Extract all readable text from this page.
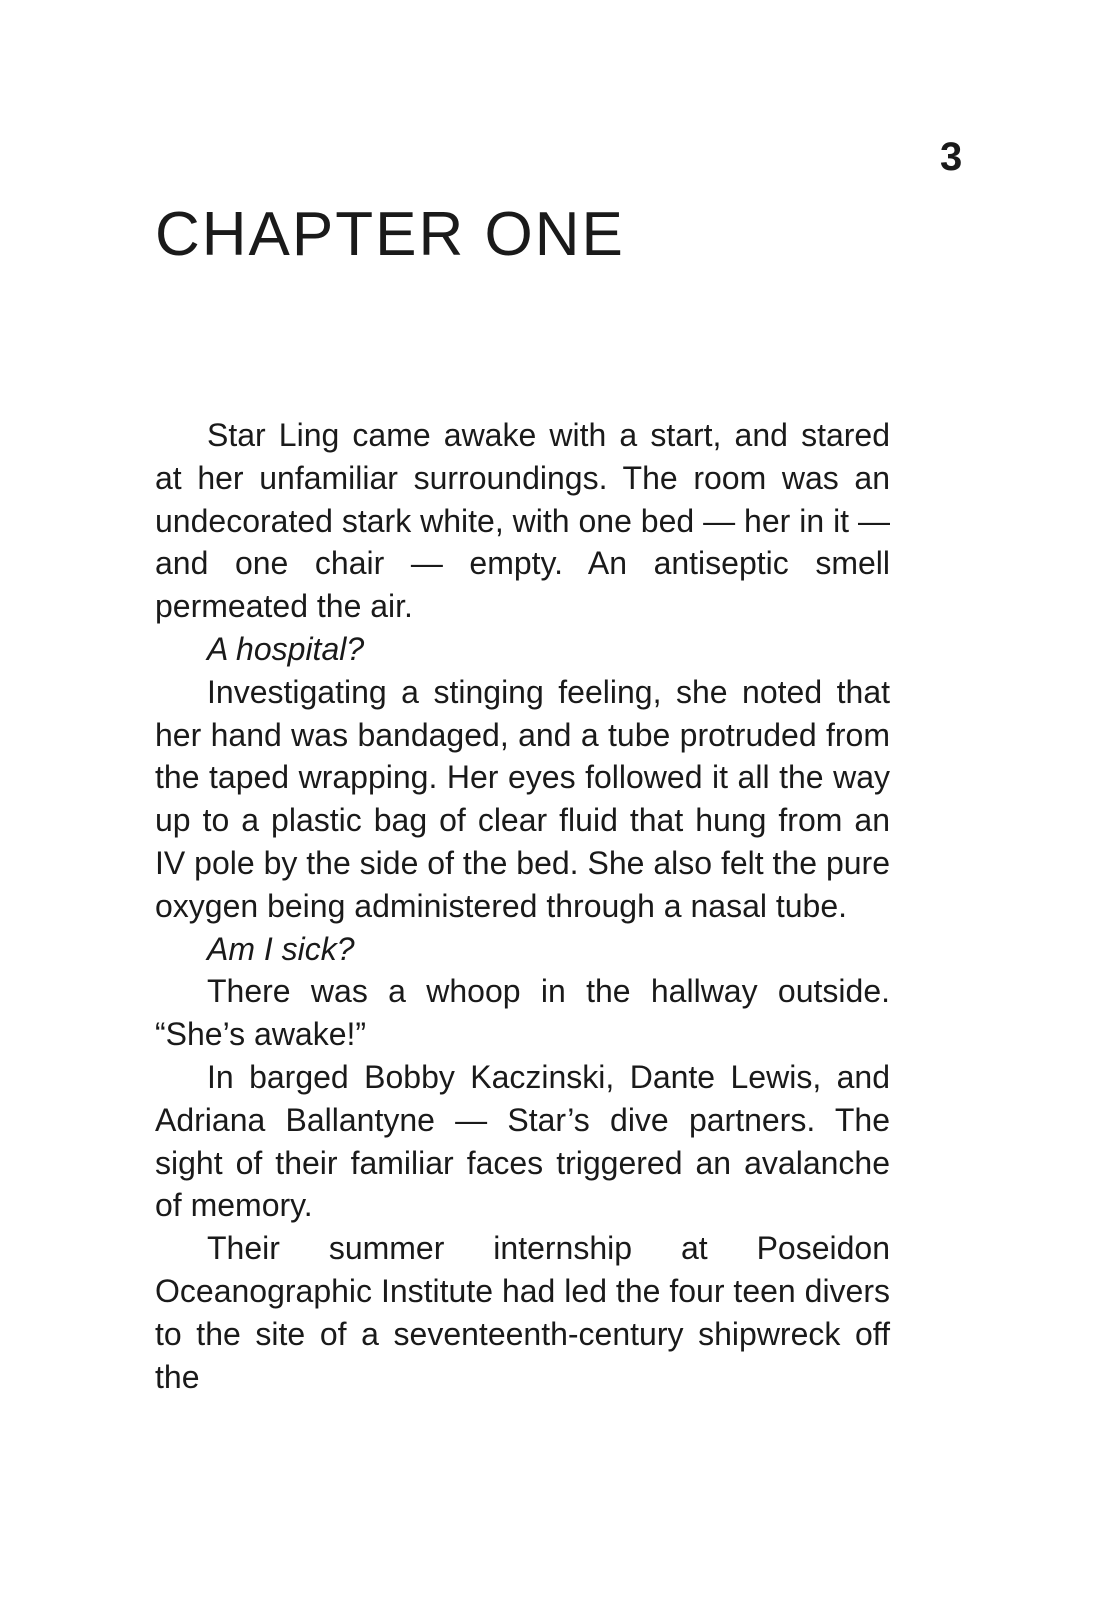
3
CHAPTER ONE

Star Ling came awake with a start, and stared at her unfamiliar surroundings. The room was an undecorated stark white, with one bed — her in it — and one chair — empty. An antiseptic smell permeated the air.

A hospital?

Investigating a stinging feeling, she noted that her hand was bandaged, and a tube protruded from the taped wrapping. Her eyes followed it all the way up to a plastic bag of clear fluid that hung from an IV pole by the side of the bed. She also felt the pure oxygen being administered through a nasal tube.

Am I sick?

There was a whoop in the hallway outside. “She’s awake!”

In barged Bobby Kaczinski, Dante Lewis, and Adriana Ballantyne — Star’s dive partners. The sight of their familiar faces triggered an avalanche of memory.

Their summer internship at Poseidon Oceanographic Institute had led the four teen divers to the site of a seventeenth-century shipwreck off the
